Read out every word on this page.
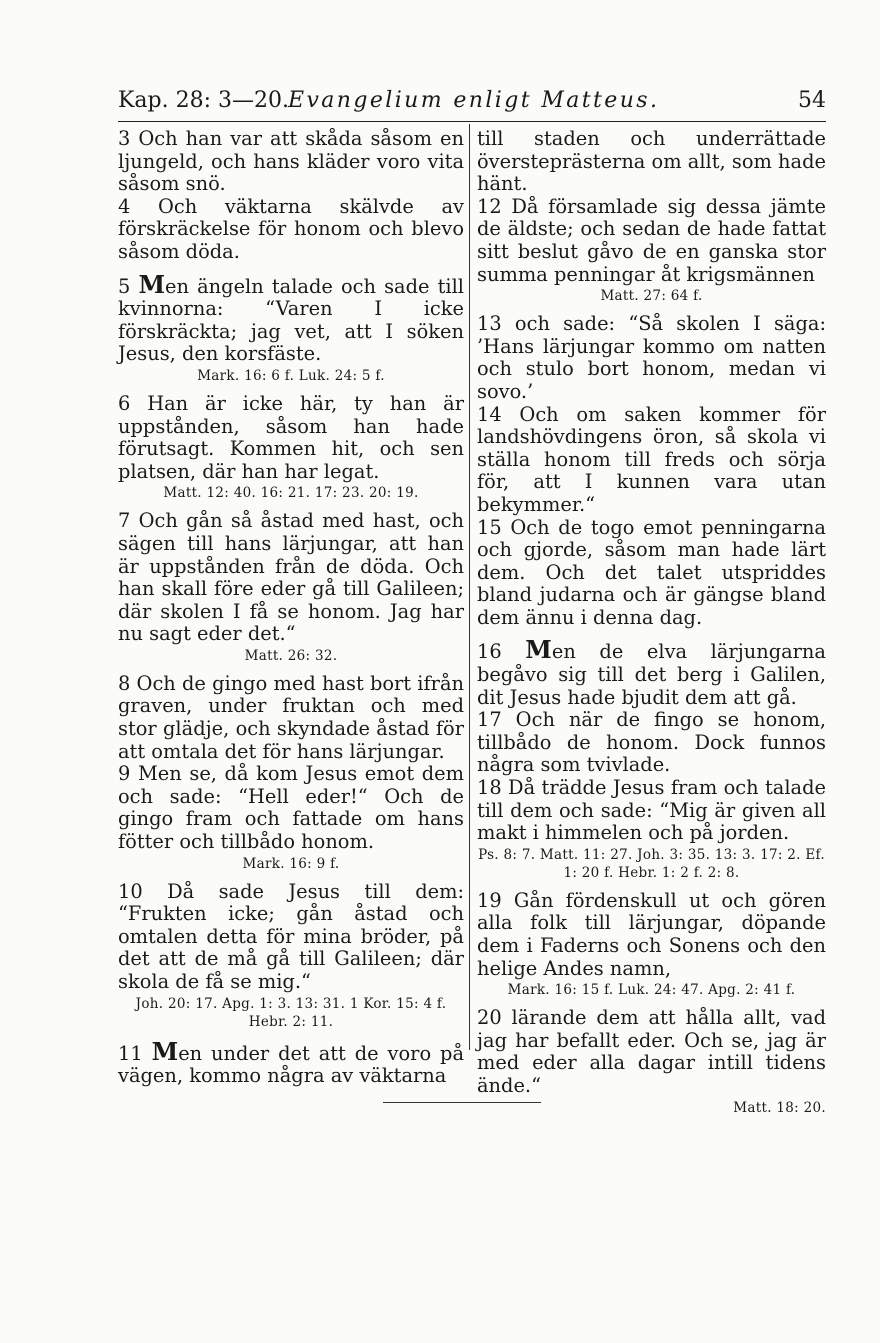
Kap. 28: 3—20.
Evangelium enligt Matteus.	54

3 Och han var att skåda såsom en ljungeld, och hans kläder voro vita såsom snö.

4 Och väktarna skälvde av förskräckelse för honom och blevo såsom döda.

5 Men ängeln talade och sade till kvinnorna: “Varen I icke förskräckta; jag vet, att I söken Jesus, den korsfäste.

Mark. 16: 6 f. Luk. 24: 5 f.

6 Han är icke här, ty han är uppstånden, såsom han hade förutsagt. Kommen hit, och sen platsen, där han har legat.

Matt. 12: 40. 16: 21. 17: 23. 20: 19.

7 Och gån så åstad med hast, och sägen till hans lärjungar, att han är uppstånden från de döda. Och han skall före eder gå till Galileen; där skolen I få se honom. Jag har nu sagt eder det.“

Matt. 26: 32.

8 Och de gingo med hast bort ifrån graven, under fruktan och med stor glädje, och skyndade åstad för att omtala det för hans lärjungar.

9 Men se, då kom Jesus emot dem och sade: “Hell eder!“ Och de gingo fram och fattade om hans fötter och tillbådo honom.

Mark. 16: 9 f.

10 Då sade Jesus till dem: “Frukten icke; gån åstad och omtalen detta för mina bröder, på det att de må gå till Galileen; där skola de få se mig.“

Joh. 20: 17. Apg. 1: 3. 13: 31. 1 Kor. 15: 4 f. Hebr. 2: 11.

11 Men under det att de voro på vägen, kommo några av väktarna

till staden och underrättade översteprästerna om allt, som hade hänt.

12 Då församlade sig dessa jämte de äldste; och sedan de hade fattat sitt beslut gåvo de en ganska stor summa penningar åt krigsmännen

Matt. 27: 64 f.

13 och sade: “Så skolen I säga: ’Hans lärjungar kommo om natten och stulo bort honom, medan vi sovo.’

14 Och om saken kommer för landshövdingens öron, så skola vi ställa honom till freds och sörja för, att I kunnen vara utan bekymmer.“

15 Och de togo emot penningarna och gjorde, såsom man hade lärt dem. Och det talet utspriddes bland judarna och är gängse bland dem ännu i denna dag.

16 Men de elva lärjungarna begåvo sig till det berg i Galilen, dit Jesus hade bjudit dem att gå.

17 Och när de fingo se honom, tillbådo de honom. Dock funnos några som tvivlade.

18 Då trädde Jesus fram och talade till dem och sade: “Mig är given all makt i himmelen och på jorden.

Ps. 8: 7. Matt. 11: 27. Joh. 3: 35. 13: 3. 17: 2. Ef. 1: 20 f. Hebr. 1: 2 f. 2: 8.

19 Gån fördenskull ut och gören alla folk till lärjungar, döpande dem i Faderns och Sonens och den helige Andes namn,

Mark. 16: 15 f. Luk. 24: 47. Apg. 2: 41 f.

20 lärande dem att hålla allt, vad jag har befallt eder. Och se, jag är med eder alla dagar intill tidens ände.“

Matt. 18: 20.
